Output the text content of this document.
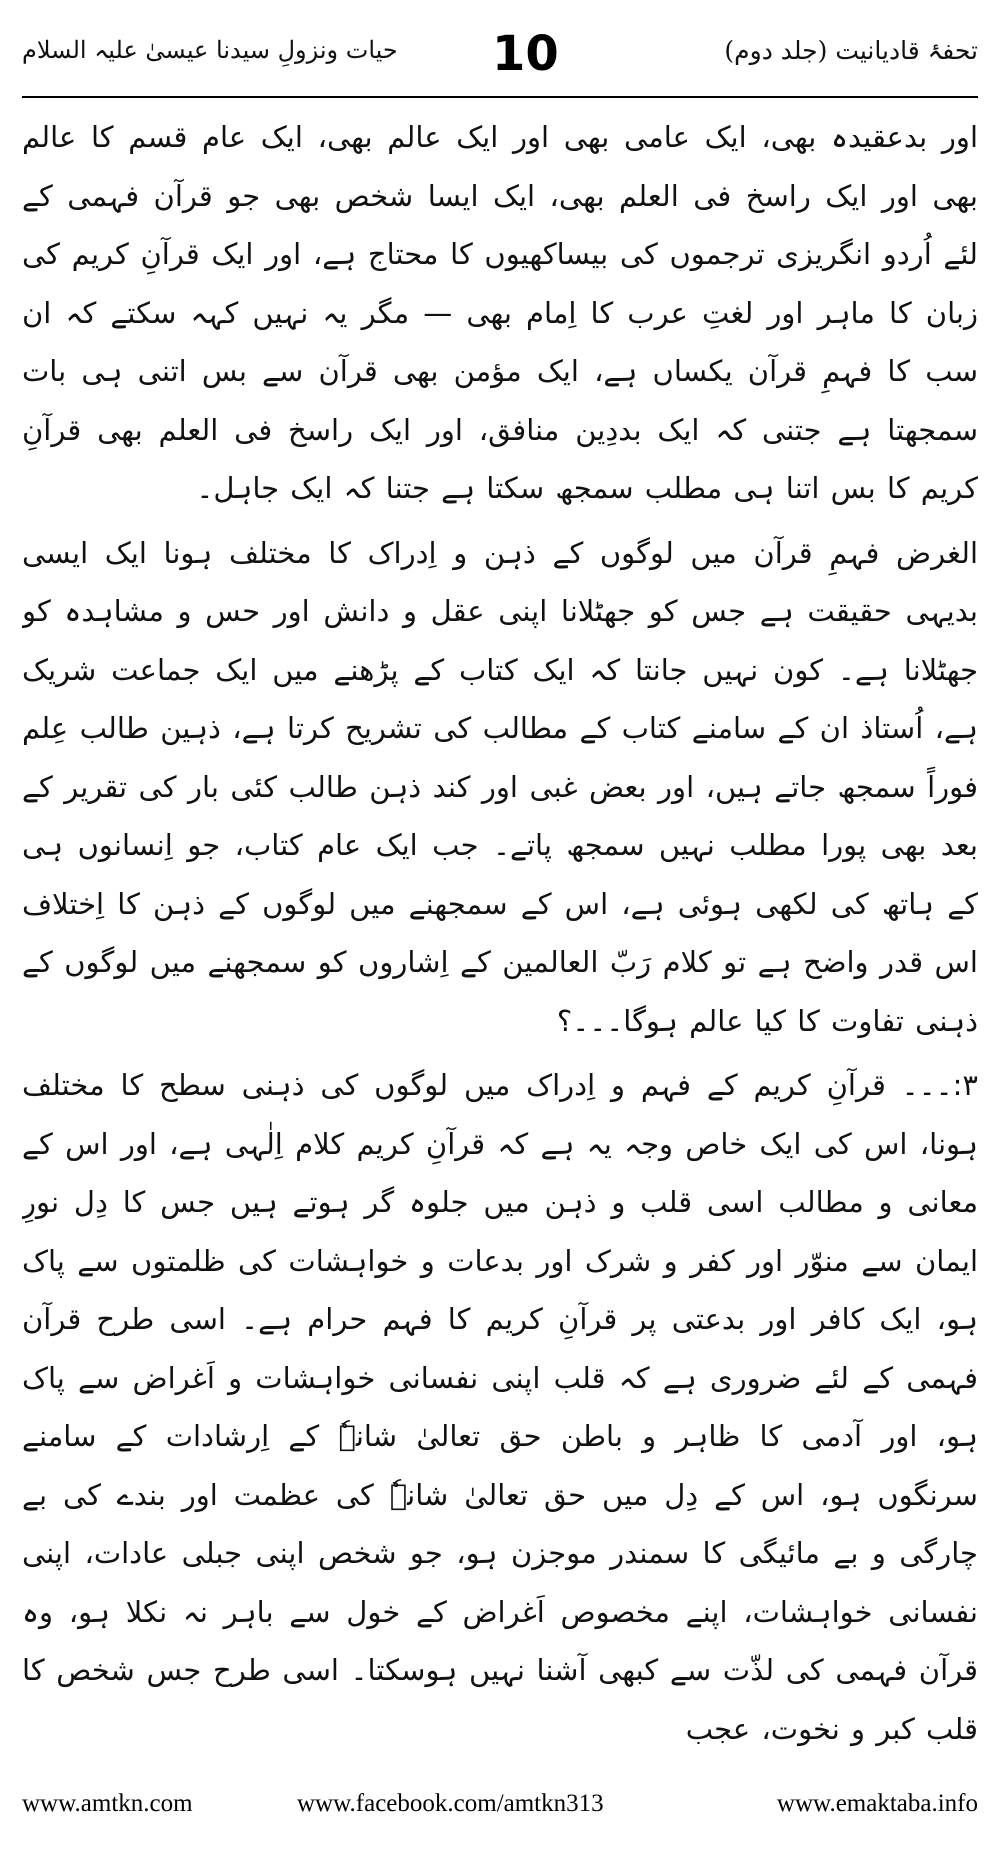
تحفۂ قادیانیت (جلد دوم)
10
حیات ونزولِ سیدنا عیسیٰ علیہ السلام

اور بدعقیدہ بھی، ایک عامی بھی اور ایک عالم بھی، ایک عام قسم کا عالم بھی اور ایک راسخ فی العلم بھی، ایک ایسا شخص بھی جو قرآن فہمی کے لئے اُردو انگریزی ترجموں کی بیساکھیوں کا محتاج ہے، اور ایک قرآنِ کریم کی زبان کا ماہر اور لغتِ عرب کا اِمام بھی — مگر یہ نہیں کہہ سکتے کہ ان سب کا فہمِ قرآن یکساں ہے، ایک مؤمن بھی قرآن سے بس اتنی ہی بات سمجھتا ہے جتنی کہ ایک بددِین منافق، اور ایک راسخ فی العلم بھی قرآنِ کریم کا بس اتنا ہی مطلب سمجھ سکتا ہے جتنا کہ ایک جاہل۔

الغرض فہمِ قرآن میں لوگوں کے ذہن و اِدراک کا مختلف ہونا ایک ایسی بدیہی حقیقت ہے جس کو جھٹلانا اپنی عقل و دانش اور حس و مشاہدہ کو جھٹلانا ہے۔ کون نہیں جانتا کہ ایک کتاب کے پڑھنے میں ایک جماعت شریک ہے، اُستاذ ان کے سامنے کتاب کے مطالب کی تشریح کرتا ہے، ذہین طالب عِلم فوراً سمجھ جاتے ہیں، اور بعض غبی اور کند ذہن طالب کئی بار کی تقریر کے بعد بھی پورا مطلب نہیں سمجھ پاتے۔ جب ایک عام کتاب، جو اِنسانوں ہی کے ہاتھ کی لکھی ہوئی ہے، اس کے سمجھنے میں لوگوں کے ذہن کا اِختلاف اس قدر واضح ہے تو کلام رَبّ العالمین کے اِشاروں کو سمجھنے میں لوگوں کے ذہنی تفاوت کا کیا عالم ہوگا۔۔۔؟

۳:۔۔۔ قرآنِ کریم کے فہم و اِدراک میں لوگوں کی ذہنی سطح کا مختلف ہونا، اس کی ایک خاص وجہ یہ ہے کہ قرآنِ کریم کلام اِلٰہی ہے، اور اس کے معانی و مطالب اسی قلب و ذہن میں جلوہ گر ہوتے ہیں جس کا دِل نورِ ایمان سے منوّر اور کفر و شرک اور بدعات و خواہشات کی ظلمتوں سے پاک ہو، ایک کافر اور بدعتی پر قرآنِ کریم کا فہم حرام ہے۔ اسی طرح قرآن فہمی کے لئے ضروری ہے کہ قلب اپنی نفسانی خواہشات و اَغراض سے پاک ہو، اور آدمی کا ظاہر و باطن حق تعالیٰ شانہٗ کے اِرشادات کے سامنے سرنگوں ہو، اس کے دِل میں حق تعالیٰ شانہٗ کی عظمت اور بندے کی بے چارگی و بے مائیگی کا سمندر موجزن ہو، جو شخص اپنی جبلی عادات، اپنی نفسانی خواہشات، اپنے مخصوص اَغراض کے خول سے باہر نہ نکلا ہو، وہ قرآن فہمی کی لذّت سے کبھی آشنا نہیں ہوسکتا۔ اسی طرح جس شخص کا قلب کبر و نخوت، عجب

www.amtkn.com	www.facebook.com/amtkn313	www.emaktaba.info
